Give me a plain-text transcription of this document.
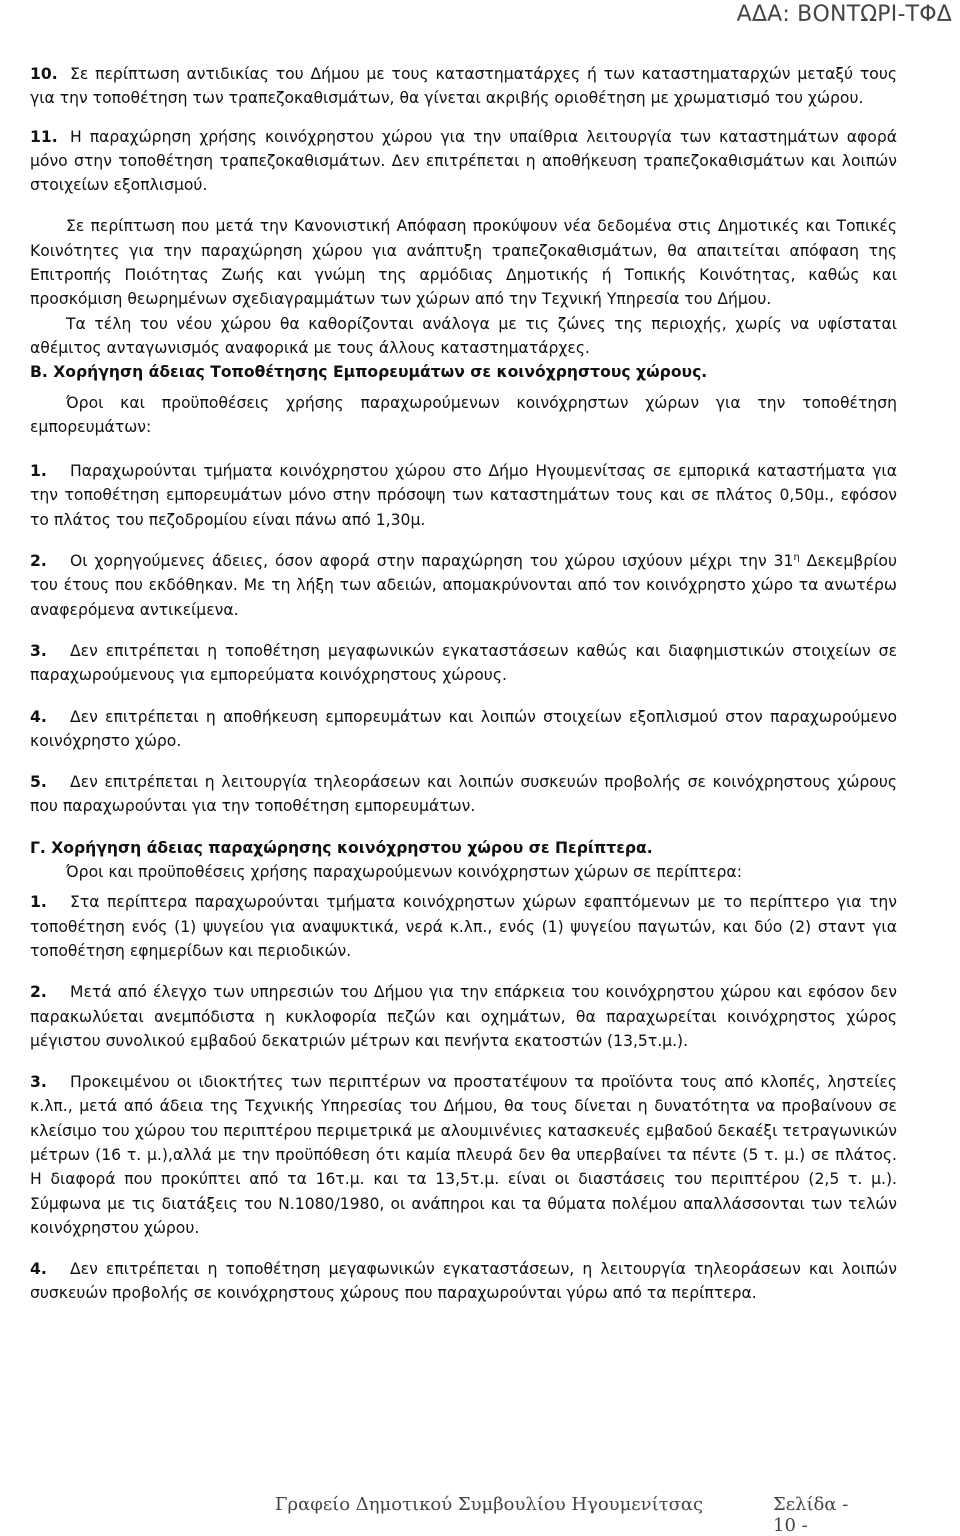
ΑΔΑ: ΒΟΝΤΩΡΙ-ΤΦΔ

10. Σε περίπτωση αντιδικίας του Δήμου με τους καταστηματάρχες ή των καταστηματαρχών μεταξύ τους για την τοποθέτηση των τραπεζοκαθισμάτων, θα γίνεται ακριβής οριοθέτηση με χρωματισμό του χώρου.

11. Η παραχώρηση χρήσης κοινόχρηστου χώρου για την υπαίθρια λειτουργία των καταστημάτων αφορά μόνο στην τοποθέτηση τραπεζοκαθισμάτων. Δεν επιτρέπεται η αποθήκευση τραπεζοκαθισμάτων και λοιπών στοιχείων εξοπλισμού.

Σε περίπτωση που μετά την Κανονιστική Απόφαση προκύψουν νέα δεδομένα στις Δημοτικές και Τοπικές Κοινότητες για την παραχώρηση χώρου για ανάπτυξη τραπεζοκαθισμάτων, θα απαιτείται απόφαση της Επιτροπής Ποιότητας Ζωής και γνώμη της αρμόδιας Δημοτικής ή Τοπικής Κοινότητας, καθώς και προσκόμιση θεωρημένων σχεδιαγραμμάτων των χώρων από την Τεχνική Υπηρεσία του Δήμου.

Τα τέλη του νέου χώρου θα καθορίζονται ανάλογα με τις ζώνες της περιοχής, χωρίς να υφίσταται αθέμιτος ανταγωνισμός αναφορικά με τους άλλους καταστηματάρχες.

Β. Χορήγηση άδειας Τοποθέτησης Εμπορευμάτων σε κοινόχρηστους χώρους.

Όροι και προϋποθέσεις χρήσης παραχωρούμενων κοινόχρηστων χώρων για την τοποθέτηση εμπορευμάτων:

1. Παραχωρούνται τμήματα κοινόχρηστου χώρου στο Δήμο Ηγουμενίτσας σε εμπορικά καταστήματα για την τοποθέτηση εμπορευμάτων μόνο στην πρόσοψη των καταστημάτων τους και σε πλάτος 0,50μ., εφόσον το πλάτος του πεζοδρομίου είναι πάνω από 1,30μ.

2. Οι χορηγούμενες άδειες, όσον αφορά στην παραχώρηση του χώρου ισχύουν μέχρι την $31^\eta$ Δεκεμβρίου του έτους που εκδόθηκαν. Με τη λήξη των αδειών, απομακρύνονται από τον κοινόχρηστο χώρο τα ανωτέρω αναφερόμενα αντικείμενα.

3. Δεν επιτρέπεται η τοποθέτηση μεγαφωνικών εγκαταστάσεων καθώς και διαφημιστικών στοιχείων σε παραχωρούμενους για εμπορεύματα κοινόχρηστους χώρους.

4. Δεν επιτρέπεται η αποθήκευση εμπορευμάτων και λοιπών στοιχείων εξοπλισμού στον παραχωρούμενο κοινόχρηστο χώρο.

5. Δεν επιτρέπεται η λειτουργία τηλεοράσεων και λοιπών συσκευών προβολής σε κοινόχρηστους χώρους που παραχωρούνται για την τοποθέτηση εμπορευμάτων.

Γ. Χορήγηση άδειας παραχώρησης κοινόχρηστου χώρου σε Περίπτερα.

Όροι και προϋποθέσεις χρήσης παραχωρούμενων κοινόχρηστων χώρων σε περίπτερα:

1. Στα περίπτερα παραχωρούνται τμήματα κοινόχρηστων χώρων εφαπτόμενων με το περίπτερο για την τοποθέτηση ενός (1) ψυγείου για αναψυκτικά, νερά κ.λπ., ενός (1) ψυγείου παγωτών, και δύο (2) σταντ για τοποθέτηση εφημερίδων και περιοδικών.

2. Μετά από έλεγχο των υπηρεσιών του Δήμου για την επάρκεια του κοινόχρηστου χώρου και εφόσον δεν παρακωλύεται ανεμπόδιστα η κυκλοφορία πεζών και οχημάτων, θα παραχωρείται κοινόχρηστος χώρος μέγιστου συνολικού εμβαδού δεκατριών μέτρων και πενήντα εκατοστών (13,5τ.μ.).

3. Προκειμένου οι ιδιοκτήτες των περιπτέρων να προστατέψουν τα προϊόντα τους από κλοπές, ληστείες κ.λπ., μετά από άδεια της Τεχνικής Υπηρεσίας του Δήμου, θα τους δίνεται η δυνατότητα να προβαίνουν σε κλείσιμο του χώρου του περιπτέρου περιμετρικά με αλουμινένιες κατασκευές εμβαδού δεκαέξι τετραγωνικών μέτρων (16 τ. μ.),αλλά με την προϋπόθεση ότι καμία πλευρά δεν θα υπερβαίνει τα πέντε (5 τ. μ.) σε πλάτος. Η διαφορά που προκύπτει από τα 16τ.μ. και τα 13,5τ.μ. είναι οι διαστάσεις του περιπτέρου (2,5 τ. μ.). Σύμφωνα με τις διατάξεις του Ν.1080/1980, οι ανάπηροι και τα θύματα πολέμου απαλλάσσονται των τελών κοινόχρηστου χώρου.

4. Δεν επιτρέπεται η τοποθέτηση μεγαφωνικών εγκαταστάσεων, η λειτουργία τηλεοράσεων και λοιπών συσκευών προβολής σε κοινόχρηστους χώρους που παραχωρούνται γύρω από τα περίπτερα.

Γραφείο Δημοτικού Συμβουλίου Ηγουμενίτσας	Σελίδα - 10 -
